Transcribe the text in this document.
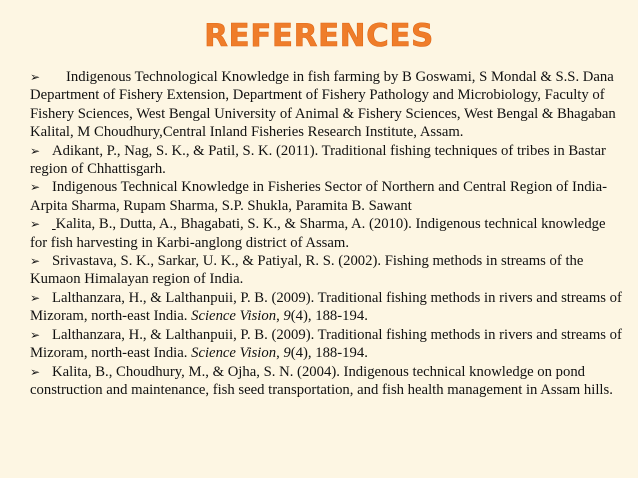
REFERENCES
➢ Indigenous Technological Knowledge in fish farming by B Goswami, S Mondal & S.S. Dana Department of Fishery Extension, Department of Fishery Pathology and Microbiology, Faculty of Fishery Sciences, West Bengal University of Animal & Fishery Sciences, West Bengal & Bhagaban Kalital, M Choudhury,Central Inland Fisheries Research Institute, Assam.
➢ Adikant, P., Nag, S. K., & Patil, S. K. (2011). Traditional fishing techniques of tribes in Bastar region of Chhattisgarh.
➢ Indigenous Technical Knowledge in Fisheries Sector of Northern and Central Region of India- Arpita Sharma, Rupam Sharma, S.P. Shukla, Paramita B. Sawant
➢ Kalita, B., Dutta, A., Bhagabati, S. K., & Sharma, A. (2010). Indigenous technical knowledge for fish harvesting in Karbi-anglong district of Assam.
➢ Srivastava, S. K., Sarkar, U. K., & Patiyal, R. S. (2002). Fishing methods in streams of the Kumaon Himalayan region of India.
➢ Lalthanzara, H., & Lalthanpuii, P. B. (2009). Traditional fishing methods in rivers and streams of Mizoram, north-east India. Science Vision, 9(4), 188-194.
➢ Lalthanzara, H., & Lalthanpuii, P. B. (2009). Traditional fishing methods in rivers and streams of Mizoram, north-east India. Science Vision, 9(4), 188-194.
➢ Kalita, B., Choudhury, M., & Ojha, S. N. (2004). Indigenous technical knowledge on pond construction and maintenance, fish seed transportation, and fish health management in Assam hills.
